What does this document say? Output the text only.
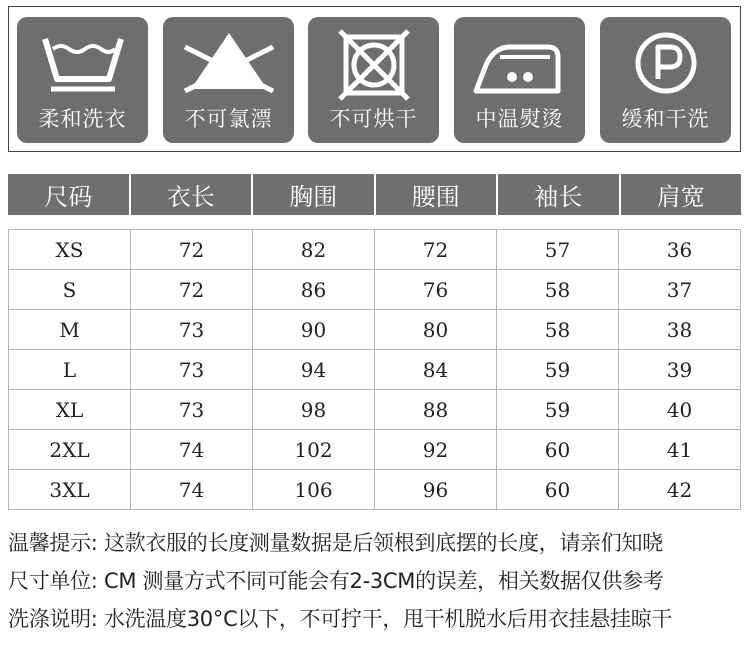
柔和洗衣	不可氯漂	不可烘干	中温熨烫	缓和干洗
尺码	衣长	胸围	腰围	袖长	肩宽
XS	72	82	72	57	36
S	72	86	76	58	37
M	73	90	80	58	38
L	73	94	84	59	39
XL	73	98	88	59	40
2XL	74	102	92	60	41
3XL	74	106	96	60	42
温馨提示: 这款衣服的长度测量数据是后领根到底摆的长度，请亲们知晓
尺寸单位: CM 测量方式不同可能会有2-3CM的误差，相关数据仅供参考
洗涤说明: 水洗温度30°C以下，不可拧干，甩干机脱水后用衣挂悬挂晾干
